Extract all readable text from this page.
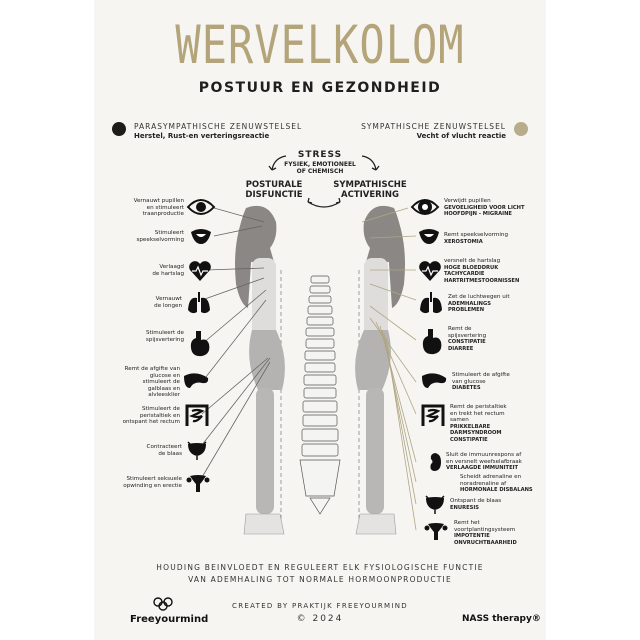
WERVELKOLOM
POSTUUR EN GEZONDHEID
PARASYMPATHISCHE ZENUWSTELSEL
Herstel, Rust-en verteringsreactie
SYMPATHISCHE ZENUWSTELSEL
Vecht of vlucht reactie
STRESS
FYSIEK, EMOTIONEEL
OF CHEMISCH
POSTURALE
DISFUNCTIE
SYMPATHISCHE
ACTIVERING
Vernauwt pupillen
en stimuleert
traanproductie
Stimuleert
speekselvorming
Verlaagd
de hartslag
Vernauwt
de longen
Stimuleert de
spijsvertering
Remt de afgifte van
glucose en
stimuleert de
galblaas en
alvleesklier
Stimuleert de
peristaltiek en
ontspant het rectum
Contracteert
de blaas
Stimuleert seksuele
opwinding en erectie
Verwijdt pupillen
GEVOELIGHEID VOOR LICHT
HOOFDPIJN - MIGRAINE
Remt speekselvorming
XEROSTOMIA
versnelt de hartslag
HOGE BLOEDDRUK
TACHYCARDIE
HARTRITMESTOORNISSEN
Zet de luchtwegen uit
ADEMHALINGS
PROBLEMEN
Remt de
spijsvertering
CONSTIPATIE
DIARREE
Stimuleert de afgifte
van glucose
DIABETES
Remt de peristaltiek
en trekt het rectum
samen
PRIKKELBARE
DARMSYNDROOM
CONSTIPATIE
Sluit de immuunrespons af
en versnelt weefselafbraak
VERLAAGDE IMMUNITEIT
Scheidt adrenaline en
noradrenaline af
HORMONALE DISBALANS
Ontspant de blaas
ENURESIS
Remt het
voortplantingsysteem
IMPOTENTIE
ONVRUCHTBAARHEID
HOUDING BEINVLOEDT EN REGULEERT ELK FYSIOLOGISCHE FUNCTIE
VAN ADEMHALING TOT NORMALE HORMOONPRODUCTIE
CREATED BY PRAKTIJK FREEYOURMIND
© 2024
Freeyourmind	NASS therapy®
